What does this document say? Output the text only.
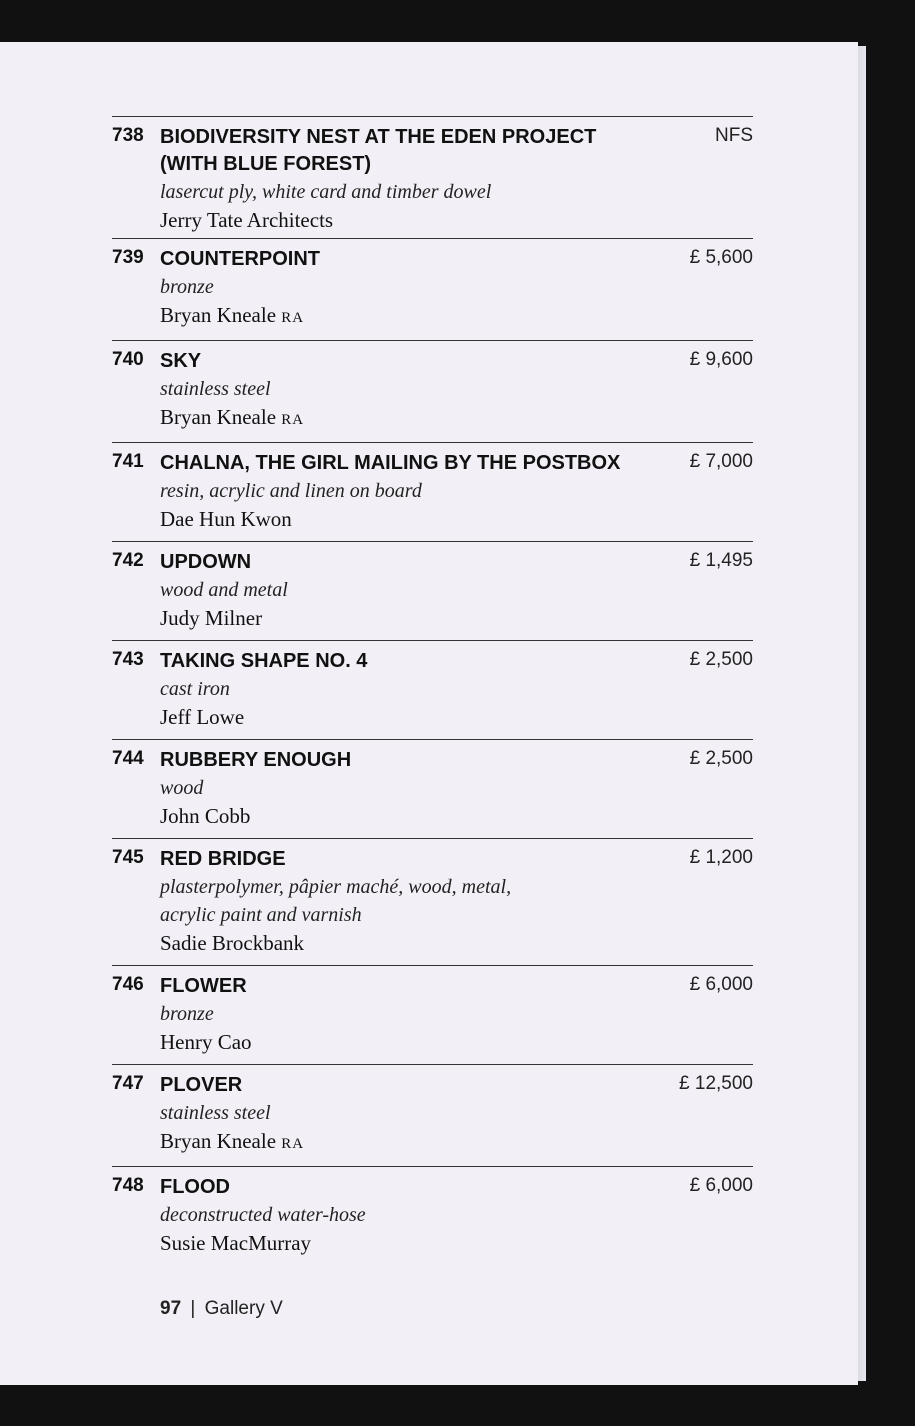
738	NFS
BIODIVERSITY NEST AT THE EDEN PROJECT (WITH BLUE FOREST)
lasercut ply, white card and timber dowel
Jerry Tate Architects
739	£ 5,600
COUNTERPOINT
bronze
Bryan Kneale RA
740	£ 9,600
SKY
stainless steel
Bryan Kneale RA
741	£ 7,000
CHALNA, THE GIRL MAILING BY THE POSTBOX
resin, acrylic and linen on board
Dae Hun Kwon
742	£ 1,495
UPDOWN
wood and metal
Judy Milner
743	£ 2,500
TAKING SHAPE NO. 4
cast iron
Jeff Lowe
744	£ 2,500
RUBBERY ENOUGH
wood
John Cobb
745	£ 1,200
RED BRIDGE
plasterpolymer, pâpier maché, wood, metal, acrylic paint and varnish
Sadie Brockbank
746	£ 6,000
FLOWER
bronze
Henry Cao
747	£ 12,500
PLOVER
stainless steel
Bryan Kneale RA
748	£ 6,000
FLOOD
deconstructed water-hose
Susie MacMurray
97 | Gallery V
